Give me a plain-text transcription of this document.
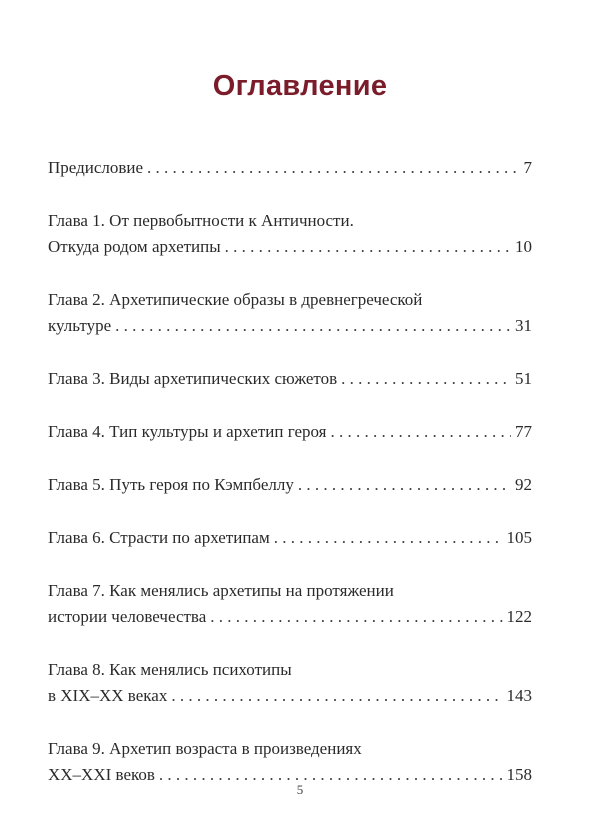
Оглавление
Предисловие . . .	7
Глава 1. От первобытности к Античности.
Откуда родом архетипы . . .	10
Глава 2. Архетипические образы в древнегреческой
культуре . . .	31
Глава 3. Виды архетипических сюжетов . . .	51
Глава 4. Тип культуры и архетип героя . . .	77
Глава 5. Путь героя по Кэмпбеллу . . .	92
Глава 6. Страсти по архетипам . . .	105
Глава 7. Как менялись архетипы на протяжении
истории человечества . . .	122
Глава 8. Как менялись психотипы
в XIX–XX веках . . .	143
Глава 9. Архетип возраста в произведениях
XX–XXI веков . . .	158
5
